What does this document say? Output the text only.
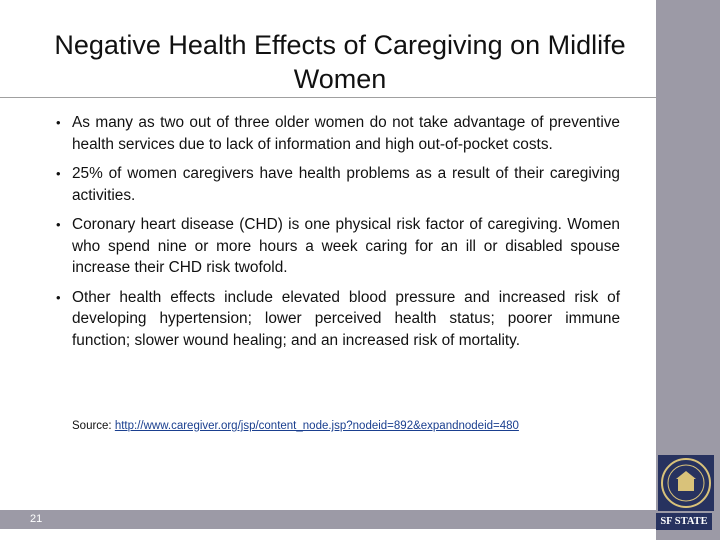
Negative Health Effects of Caregiving on Midlife Women
• As many as two out of three older women do not take advantage of preventive health services due to lack of information and high out-of-pocket costs.
• 25% of women caregivers have health problems as a result of their caregiving activities.
• Coronary heart disease (CHD) is one physical risk factor of caregiving. Women who spend nine or more hours a week caring for an ill or disabled spouse increase their CHD risk twofold.
• Other health effects include elevated blood pressure and increased risk of developing hypertension; lower perceived health status; poorer immune function; slower wound healing; and an increased risk of mortality.
Source: http://www.caregiver.org/jsp/content_node.jsp?nodeid=892&expandnodeid=480
21	SF STATE
